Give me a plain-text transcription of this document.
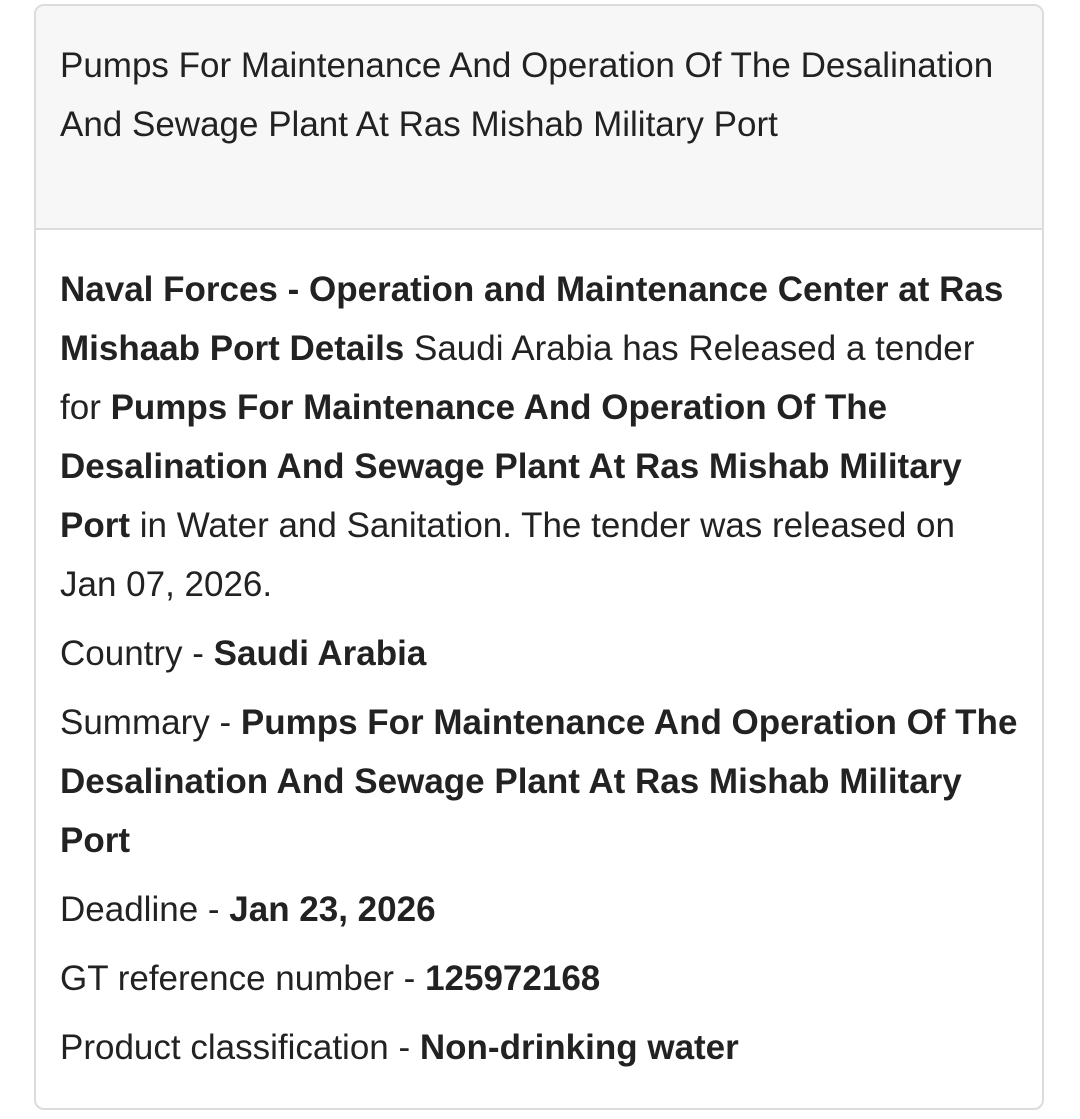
Pumps For Maintenance And Operation Of The Desalination And Sewage Plant At Ras Mishab Military Port

Naval Forces - Operation and Maintenance Center at Ras Mishaab Port Details Saudi Arabia has Released a tender for Pumps For Maintenance And Operation Of The Desalination And Sewage Plant At Ras Mishab Military Port in Water and Sanitation. The tender was released on Jan 07, 2026.

Country - Saudi Arabia

Summary - Pumps For Maintenance And Operation Of The Desalination And Sewage Plant At Ras Mishab Military Port

Deadline - Jan 23, 2026

GT reference number - 125972168

Product classification - Non-drinking water
